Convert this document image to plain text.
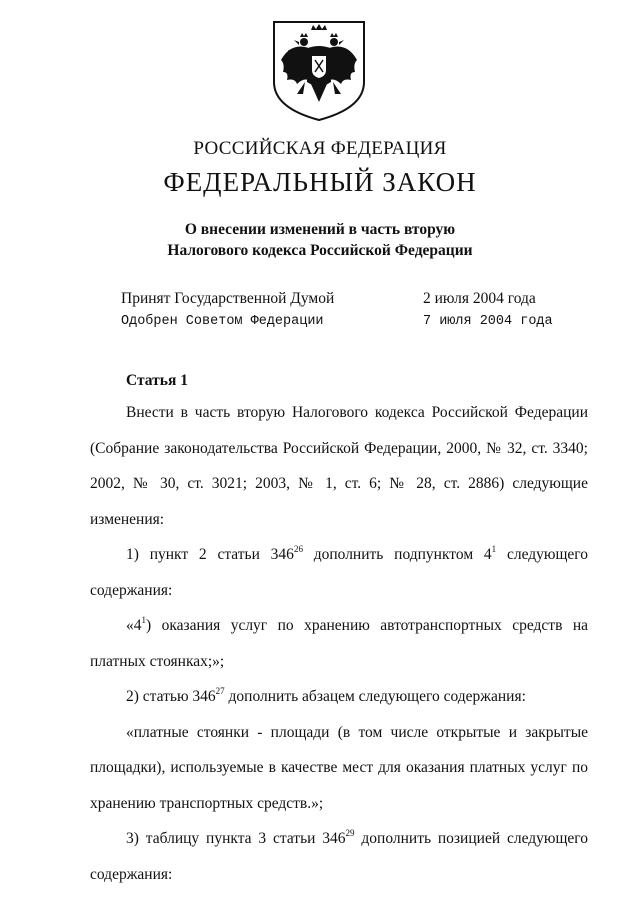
РОССИЙСКАЯ ФЕДЕРАЦИЯ
ФЕДЕРАЛЬНЫЙ ЗАКОН
О внесении изменений в часть вторую
Налогового кодекса Российской Федерации
Принят Государственной Думой	2 июля 2004 года
Одобрен Советом Федерации	7 июля 2004 года
Статья 1

Внести в часть вторую Налогового кодекса Российской Федерации (Собрание законодательства Российской Федерации, 2000, № 32, ст. 3340; 2002, № 30, ст. 3021; 2003, № 1, ст. 6; № 28, ст. 2886) следующие изменения:

1) пункт 2 статьи $346^{26}$ дополнить подпунктом $4^1$ следующего содержания:

«$4^1$) оказания услуг по хранению автотранспортных средств на платных стоянках;»;

2) статью $346^{27}$ дополнить абзацем следующего содержания:

«платные стоянки - площади (в том числе открытые и закрытые площадки), используемые в качестве мест для оказания платных услуг по хранению транспортных средств.»;

3) таблицу пункта 3 статьи $346^{29}$ дополнить позицией следующего содержания:
